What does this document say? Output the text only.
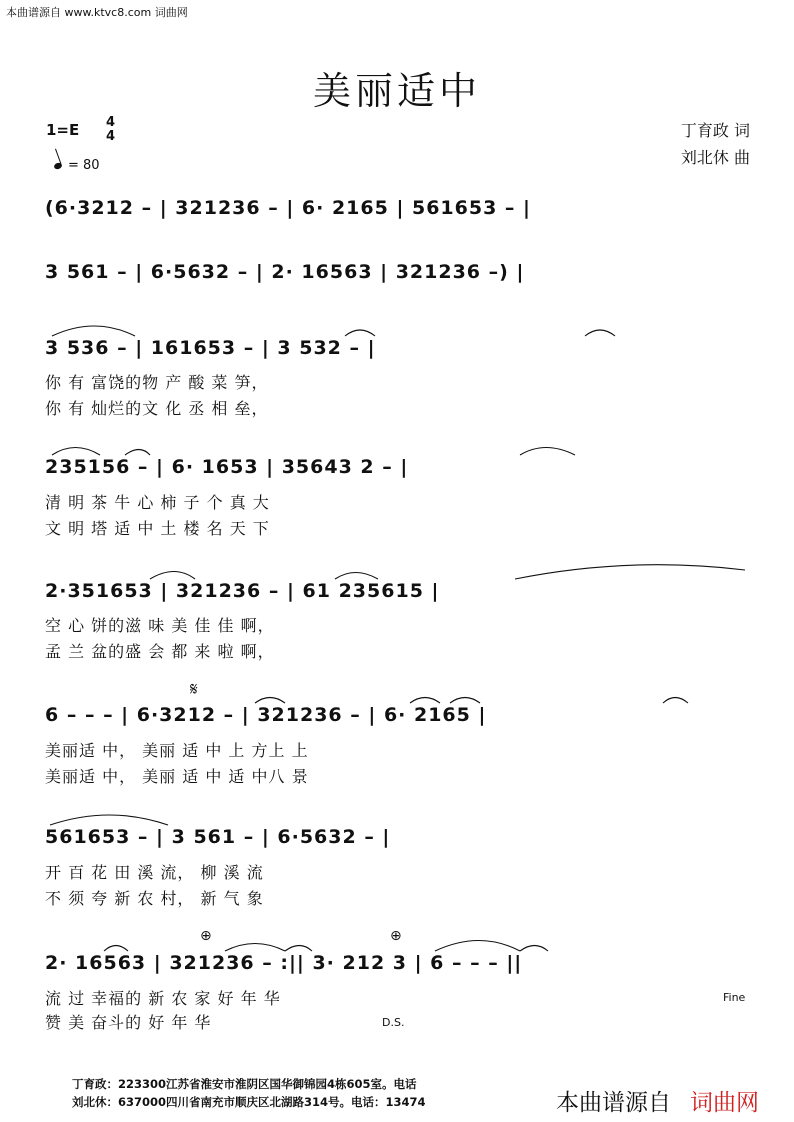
本曲谱源自 www.ktvc8.com 词曲网
美丽适中
1=E 4
4
= 80
丁育政 词
刘北休 曲
(6·3212 – | 321236 – | 6· 2165 | 561653 – |
3 561 – | 6·5632 – | 2· 16563 | 321236 –) |
3 536 – | 161653 – | 3 532 – |
你 有 富饶的物 产 酸 菜 笋，
你 有 灿烂的文 化 丞 相 垒，
235156 – | 6· 1653 | 35643 2 – |
清 明 茶 牛 心 柿 子 个 真 大
文 明 塔 适 中 土 楼 名 天 下
2·351653 | 321236 – | 61 235615 |
空 心 饼的滋 味 美 佳 佳 啊，
孟 兰 盆的盛 会 都 来 啦 啊，
𝄋
6 – – – | 6·3212 – | 321236 – | 6· 2165 |
美丽适 中， 美丽 适 中 上 方上 上
美丽适 中， 美丽 适 中 适 中八 景
561653 – | 3 561 – | 6·5632 – |
开 百 花 田 溪 流， 柳 溪 流
不 须 夸 新 农 村， 新 气 象
⊕	⊕
2· 16563 | 321236 – :|| 3· 212 3 | 6 – – – ||
流 过 幸福的 新 农 家 好 年 华
赞 美 奋斗的 好 年 华
Fine
D.S.
丁育政：223300江苏省淮安市淮阴区国华御锦园4栋605室。电话
刘北休：637000四川省南充市顺庆区北湖路314号。电话：13474	本曲谱源自 词曲网
